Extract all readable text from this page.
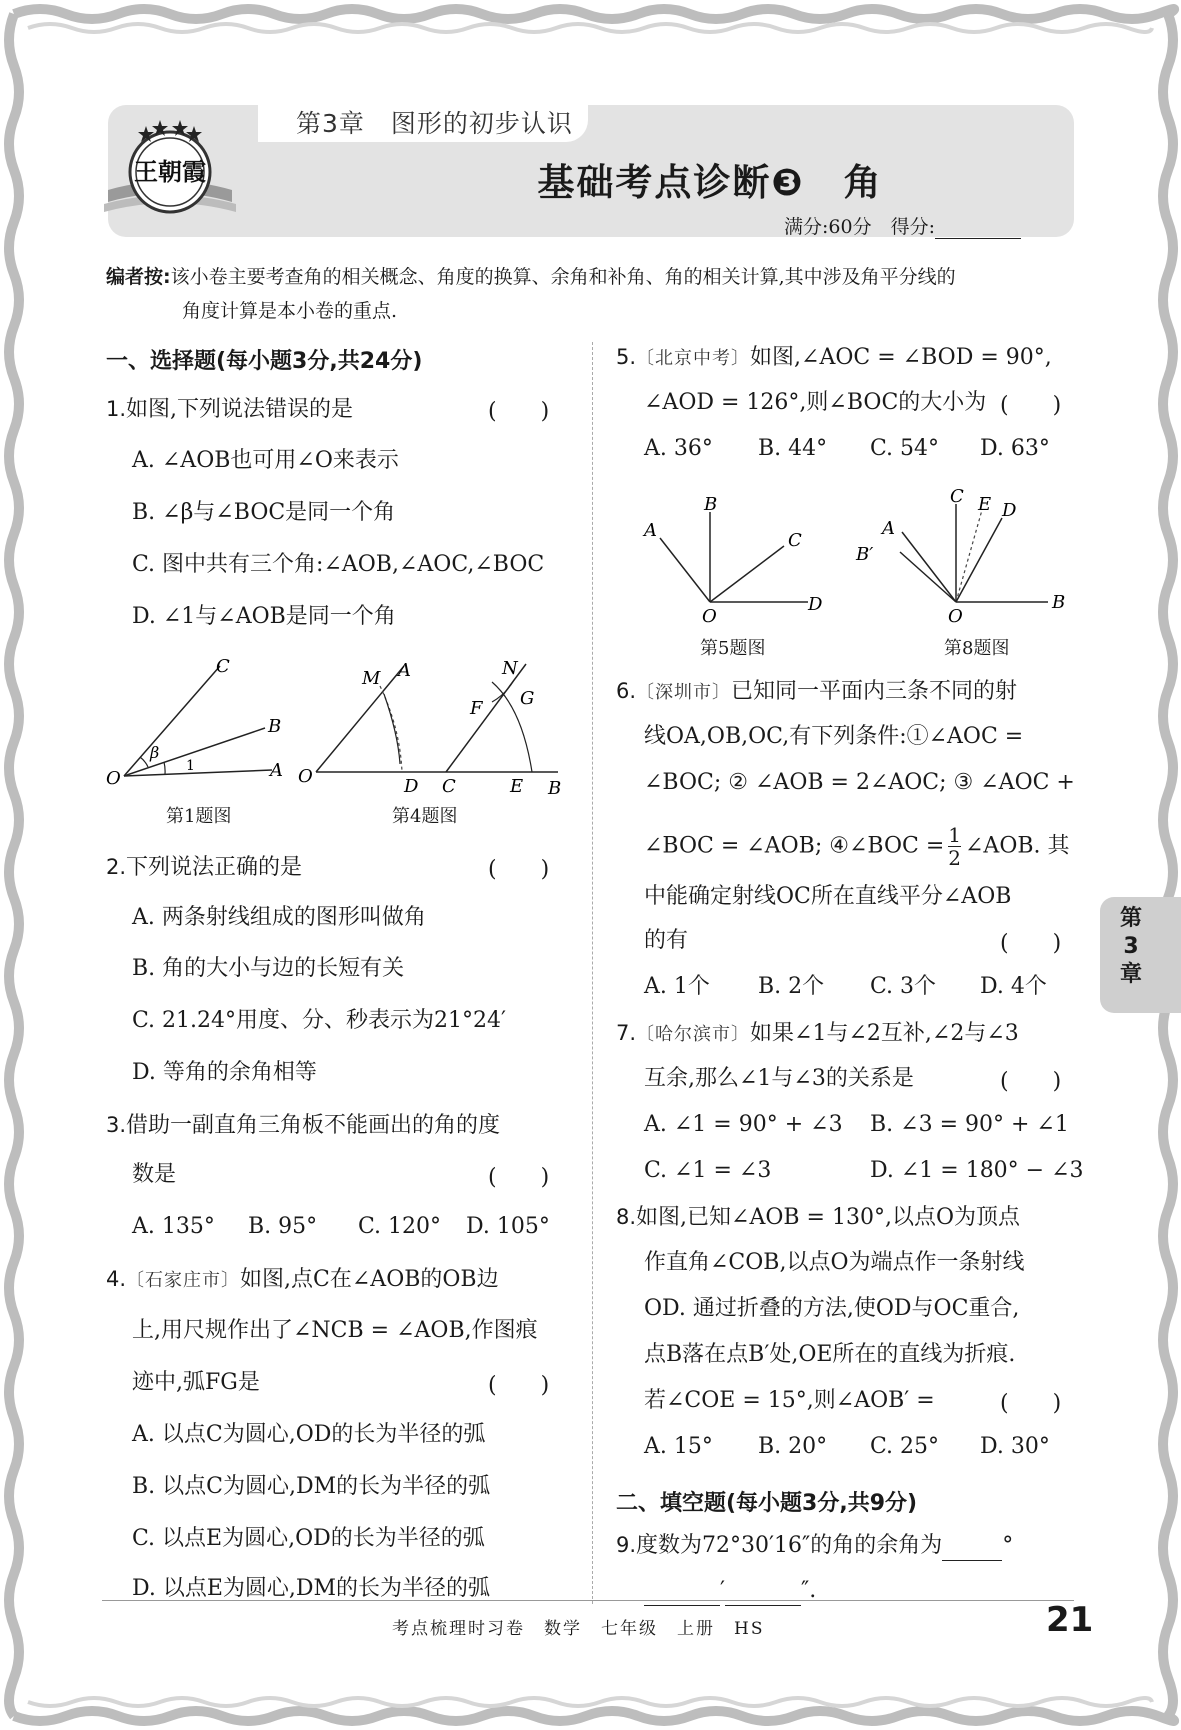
第3章　图形的初步认识
王朝霞	基础考点诊断❸　角
满分:60分　得分:
编者按:该小卷主要考查角的相关概念、角度的换算、余角和补角、角的相关计算,其中涉及角平分线的
角度计算是本小卷的重点.
一、选择题(每小题3分,共24分)
1.如图,下列说法错误的是	(　　)
A. ∠AOB也可用∠O来表示
B. ∠β与∠BOC是同一个角
C. 图中共有三个角:∠AOB,∠AOC,∠BOC
D. ∠1与∠AOB是同一个角
C
B
A
O
β
1
第1题图
M A
O	D C
N
F G
E B
第4题图
2.下列说法正确的是	(　　)
A. 两条射线组成的图形叫做角
B. 角的大小与边的长短有关
C. 21.24°用度、分、秒表示为21°24′
D. 等角的余角相等
3.借助一副直角三角板不能画出的角的度
数是	(　　)
A. 135° B. 95° C. 120° D. 105°
4.〔石家庄市〕如图,点C在∠AOB的OB边
上,用尺规作出了∠NCB = ∠AOB,作图痕
迹中,弧FG是	(　　)
A. 以点C为圆心,OD的长为半径的弧
B. 以点C为圆心,DM的长为半径的弧
C. 以点E为圆心,OD的长为半径的弧
D. 以点E为圆心,DM的长为半径的弧
5.〔北京中考〕如图,∠AOC = ∠BOD = 90°,
∠AOD = 126°,则∠BOC的大小为 (　　)
A. 36° B. 44° C. 54° D. 63°
A
B
C
O
D
第5题图
C E D
A
B′
O
B
第8题图
6.〔深圳市〕已知同一平面内三条不同的射
线OA,OB,OC,有下列条件:①∠AOC =
∠BOC; ② ∠AOB = 2∠AOC; ③ ∠AOC +
∠BOC = ∠AOB; ④∠BOC = $\frac{1}{2}$ ∠AOB. 其
中能确定射线OC所在直线平分∠AOB
的有	(　　)
A. 1个 B. 2个 C. 3个 D. 4个
7.〔哈尔滨市〕如果∠1与∠2互补,∠2与∠3
互余,那么∠1与∠3的关系是	(　　)
A. ∠1 = 90° + ∠3 B. ∠3 = 90° + ∠1
C. ∠1 = ∠3	D. ∠1 = 180° − ∠3
8.如图,已知∠AOB = 130°,以点O为顶点
作直角∠COB,以点O为端点作一条射线
OD. 通过折叠的方法,使OD与OC重合,
点B落在点B′处,OE所在的直线为折痕.
若∠COE = 15°,则∠AOB′ =	(　　)
A. 15° B. 20° C. 25° D. 30°
二、填空题(每小题3分,共9分)
9.度数为72°30′16″的角的余角为	°
′	″.
第
3
章
考点梳理时习卷　数学　七年级　上册　HS	21
